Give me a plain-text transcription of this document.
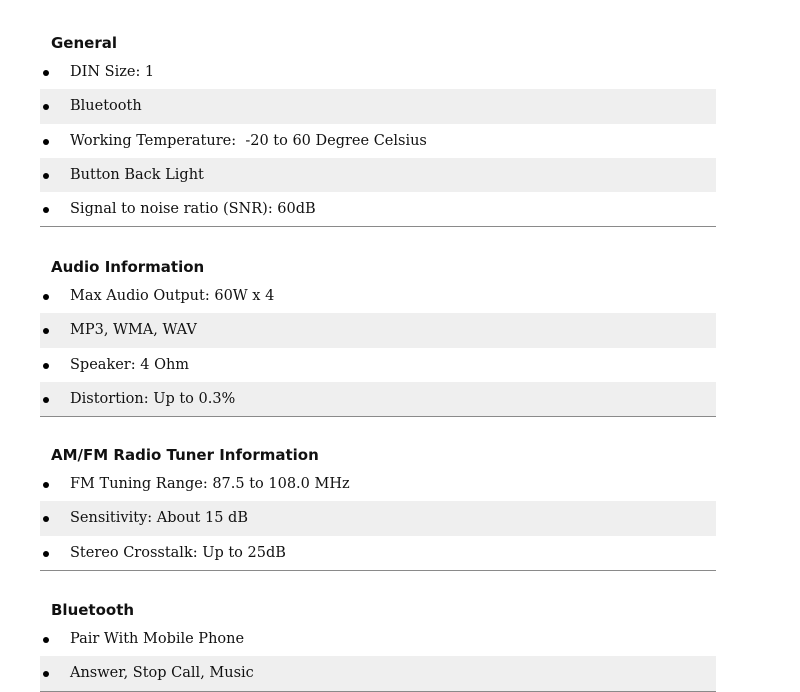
General
DIN Size: 1
Bluetooth
Working Temperature:  -20 to 60 Degree Celsius
Button Back Light
Signal to noise ratio (SNR): 60dB
Audio Information
Max Audio Output: 60W x 4
MP3, WMA, WAV
Speaker: 4 Ohm
Distortion: Up to 0.3%
AM/FM Radio Tuner Information
FM Tuning Range: 87.5 to 108.0 MHz
Sensitivity: About 15 dB
Stereo Crosstalk: Up to 25dB
Bluetooth
Pair With Mobile Phone
Answer, Stop Call, Music
